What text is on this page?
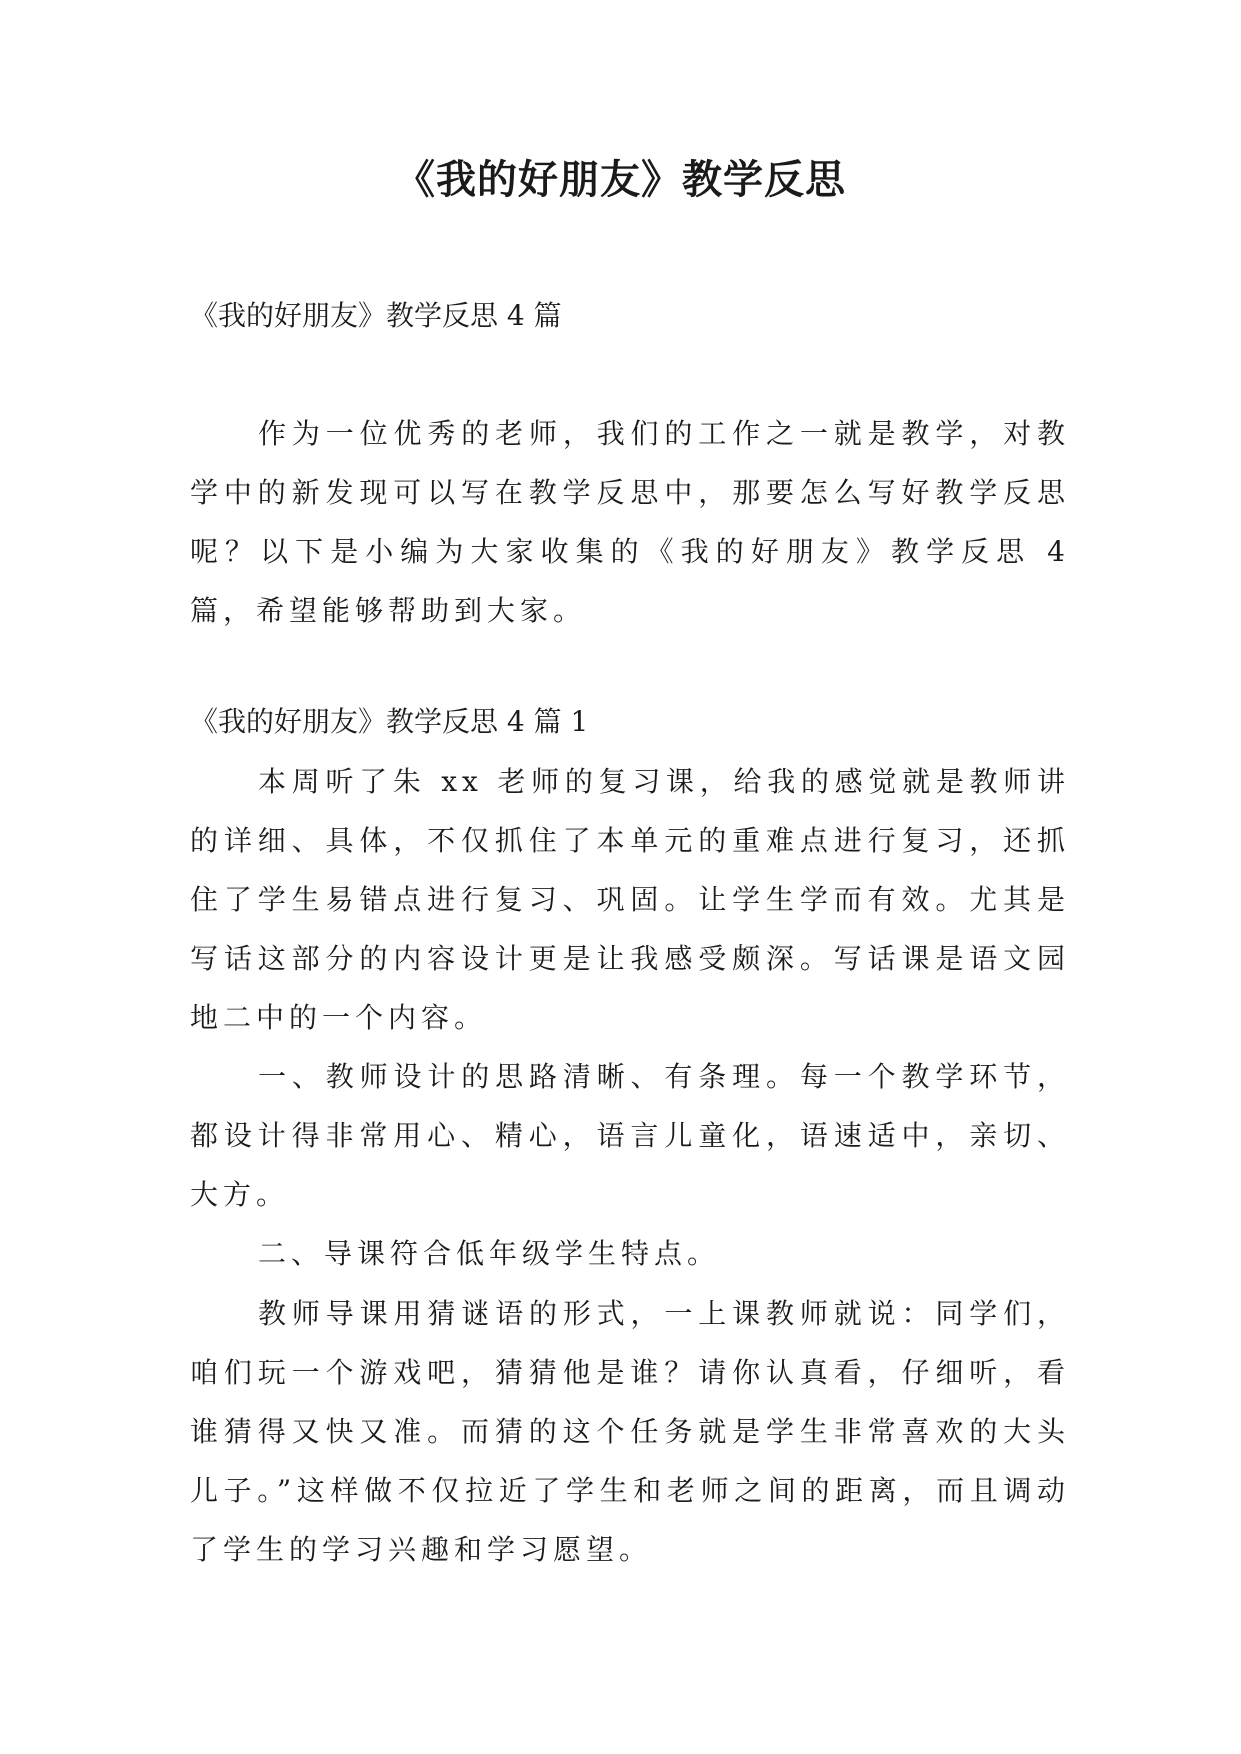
《我的好朋友》教学反思

《我的好朋友》教学反思 4 篇

作为一位优秀的老师，我们的工作之一就是教学，对教学中的新发现可以写在教学反思中，那要怎么写好教学反思呢？以下是小编为大家收集的《我的好朋友》教学反思 4 篇，希望能够帮助到大家。

《我的好朋友》教学反思 4 篇 1

本周听了朱 xx 老师的复习课，给我的感觉就是教师讲的详细、具体，不仅抓住了本单元的重难点进行复习，还抓住了学生易错点进行复习、巩固。让学生学而有效。尤其是写话这部分的内容设计更是让我感受颇深。写话课是语文园地二中的一个内容。

一、教师设计的思路清晰、有条理。每一个教学环节，都设计得非常用心、精心，语言儿童化，语速适中，亲切、大方。

二、导课符合低年级学生特点。

教师导课用猜谜语的形式，一上课教师就说：同学们，咱们玩一个游戏吧，猜猜他是谁？请你认真看，仔细听，看谁猜得又快又准。而猜的这个任务就是学生非常喜欢的大头儿子。”这样做不仅拉近了学生和老师之间的距离，而且调动了学生的学习兴趣和学习愿望。
